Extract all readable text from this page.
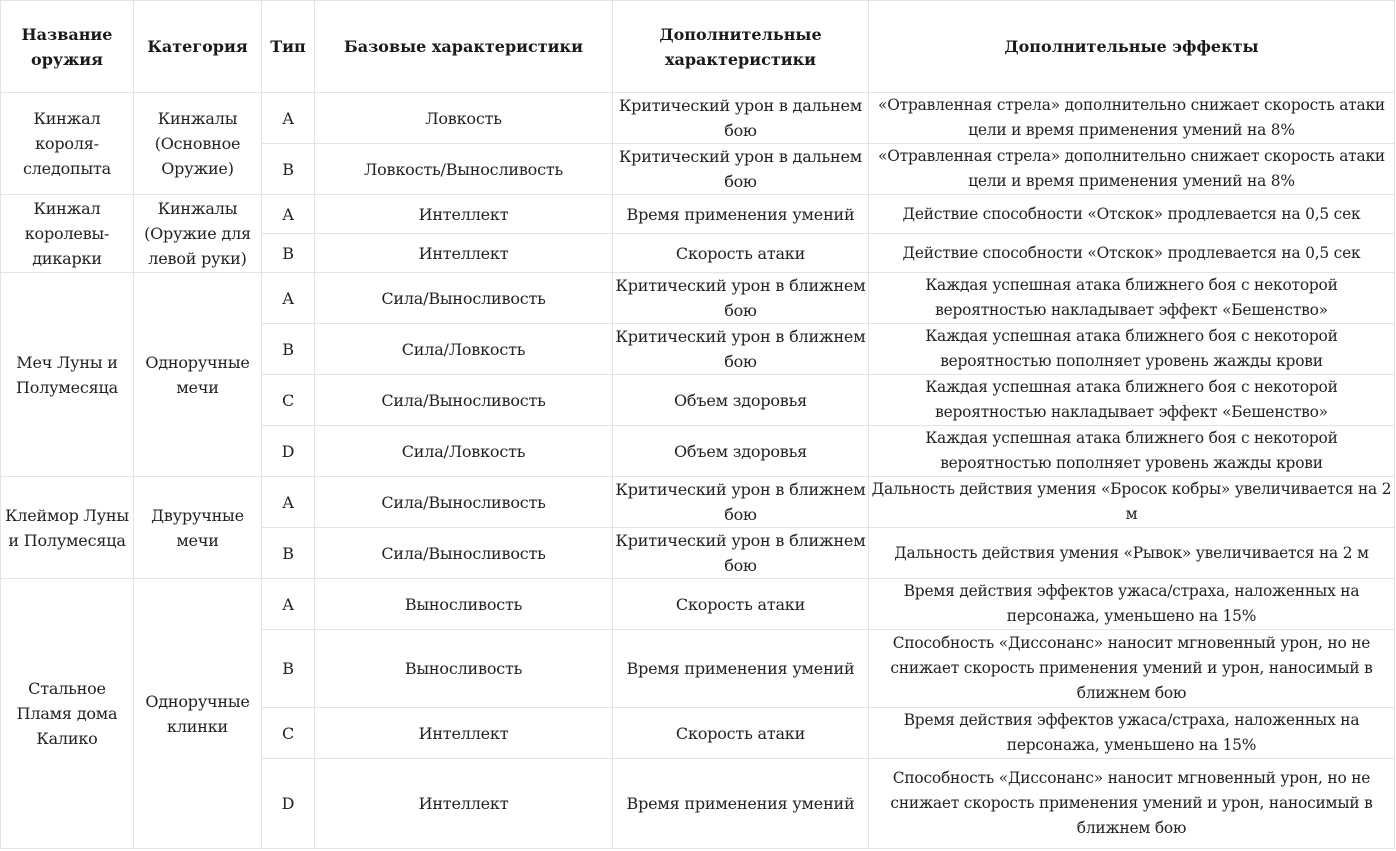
Название оружия	Категория	Тип	Базовые характеристики	Дополнительные характеристики	Дополнительные эффекты
Кинжал короля-следопыта	Кинжалы (Основное Оружие)	A	Ловкость	Критический урон в дальнем бою	«Отравленная стрела» дополнительно снижает скорость атаки цели и время применения умений на 8%
		B	Ловкость/Выносливость	Критический урон в дальнем бою	«Отравленная стрела» дополнительно снижает скорость атаки цели и время применения умений на 8%
Кинжал королевы-дикарки	Кинжалы (Оружие для левой руки)	A	Интеллект	Время применения умений	Действие способности «Отскок» продлевается на 0,5 сек
		B	Интеллект	Скорость атаки	Действие способности «Отскок» продлевается на 0,5 сек
Меч Луны и Полумесяца	Одноручные мечи	A	Сила/Выносливость	Критический урон в ближнем бою	Каждая успешная атака ближнего боя с некоторой вероятностью накладывает эффект «Бешенство»
		B	Сила/Ловкость	Критический урон в ближнем бою	Каждая успешная атака ближнего боя с некоторой вероятностью пополняет уровень жажды крови
		C	Сила/Выносливость	Объем здоровья	Каждая успешная атака ближнего боя с некоторой вероятностью накладывает эффект «Бешенство»
		D	Сила/Ловкость	Объем здоровья	Каждая успешная атака ближнего боя с некоторой вероятностью пополняет уровень жажды крови
Клеймор Луны и Полумесяца	Двуручные мечи	A	Сила/Выносливость	Критический урон в ближнем бою	Дальность действия умения «Бросок кобры» увеличивается на 2 м
		B	Сила/Выносливость	Критический урон в ближнем бою	Дальность действия умения «Рывок» увеличивается на 2 м
Стальное Пламя дома Калико	Одноручные клинки	A	Выносливость	Скорость атаки	Время действия эффектов ужаса/страха, наложенных на персонажа, уменьшено на 15%
		B	Выносливость	Время применения умений	Способность «Диссонанс» наносит мгновенный урон, но не снижает скорость применения умений и урон, наносимый в ближнем бою
		C	Интеллект	Скорость атаки	Время действия эффектов ужаса/страха, наложенных на персонажа, уменьшено на 15%
		D	Интеллект	Время применения умений	Способность «Диссонанс» наносит мгновенный урон, но не снижает скорость применения умений и урон, наносимый в ближнем бою
